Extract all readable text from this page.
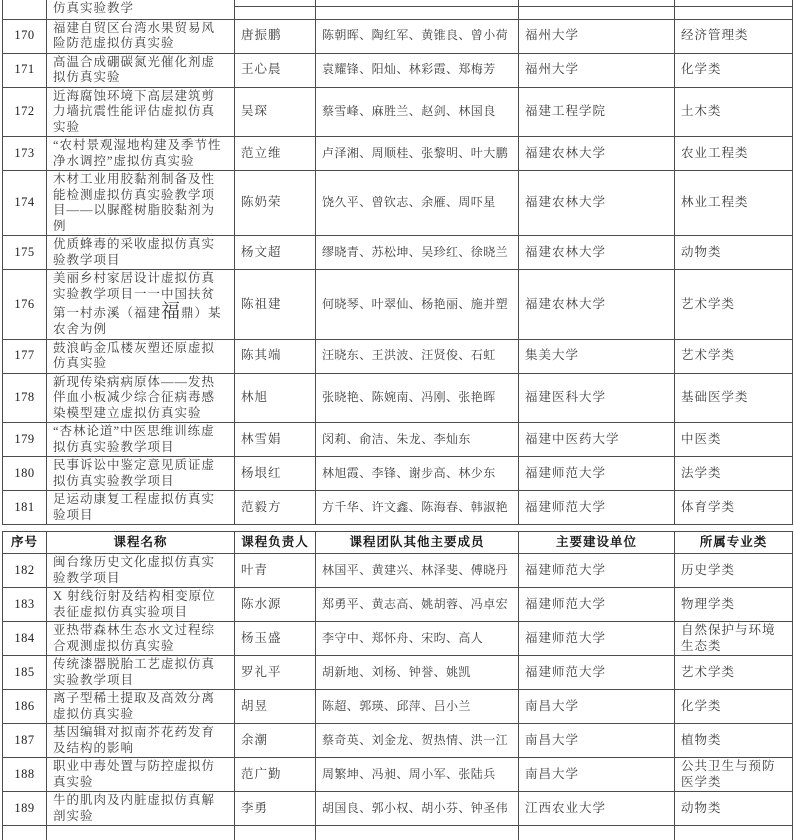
	仿真实验教学				

170	福建自贸区台湾水果贸易风险防范虚拟仿真实验	唐振鹏	陈朝晖、陶红军、黄锥良、曾小荷	福州大学	经济管理类
171	高温合成硼碳氮光催化剂虚拟仿真实验	王心晨	袁耀锋、阳灿、林彩霞、郑梅芳	福州大学	化学类
172	近海腐蚀环境下高层建筑剪力墙抗震性能评估虚拟仿真实验	吴琛	蔡雪峰、麻胜兰、赵剑、林国良	福建工程学院	土木类
173	“农村景观湿地构建及季节性净水调控”虚拟仿真实验	范立维	卢泽湘、周顺桂、张黎明、叶大鹏	福建农林大学	农业工程类
174	木材工业用胶黏剂制备及性能检测虚拟仿真实验教学项目——以脲醛树脂胶黏剂为例	陈奶荣	饶久平、曾钦志、余雁、周吓星	福建农林大学	林业工程类
175	优质蜂毒的采收虚拟仿真实验教学项目	杨文超	缪晓青、苏松坤、吴珍红、徐晓兰	福建农林大学	动物类
176	美丽乡村家居设计虚拟仿真实验教学项目一一中国扶贫第一村赤溪（福建福鼎）某农舍为例	陈祖建	何晓琴、叶翠仙、杨艳丽、施并塑	福建农林大学	艺术学类
177	鼓浪屿金瓜楼灰塑还原虚拟仿真实验	陈其端	汪晓东、王洪波、汪贤俊、石虹	集美大学	艺术学类
178	新现传染病病原体——发热伴血小板减少综合征病毒感染模型建立虚拟仿真实验	林旭	张晓艳、陈婉南、冯刚、张艳晖	福建医科大学	基础医学类
179	“杏林论道”中医思维训练虚拟仿真实验教学项目	林雪娟	闵莉、俞洁、朱龙、李灿东	福建中医药大学	中医类
180	民事诉讼中鉴定意见质证虚拟仿真实验教学项目	杨垠红	林旭霞、李锋、谢步高、林少东	福建师范大学	法学类
181	足运动康复工程虚拟仿真实验项目	范毅方	方千华、许文鑫、陈海春、韩淑艳	福建师范大学	体育学类
序号	课程名称	课程负责人	课程团队其他主要成员	主要建设单位	所属专业类
182	闽台缘历史文化虚拟仿真实验教学项目	叶青	林国平、黄建兴、林泽斐、傅晓丹	福建师范大学	历史学类
183	X 射线衍射及结构相变原位表征虚拟仿真实验项目	陈水源	郑勇平、黄志高、姚胡蓉、冯卓宏	福建师范大学	物理学类
184	亚热带森林生态水文过程综合观测虚拟仿真实验	杨玉盛	李守中、郑怀舟、宋昀、高人	福建师范大学	自然保护与环境生态类
185	传统漆器脱胎工艺虚拟仿真实验教学项目	罗礼平	胡新地、刘杨、钟誉、姚凯	福建师范大学	艺术学类
186	离子型稀土提取及高效分离虚拟仿真实验	胡昱	陈超、郭瑛、邱萍、吕小兰	南昌大学	化学类
187	基因编辑对拟南芥花药发育及结构的影响	余潮	蔡奇英、刘金龙、贺热情、洪一江	南昌大学	植物类
188	职业中毒处置与防控虚拟仿真实验	范广勤	周繁坤、冯昶、周小军、张陆兵	南昌大学	公共卫生与预防医学类
189	牛的肌肉及内脏虚拟仿真解剖实验	李勇	胡国良、郭小权、胡小芬、钟圣伟	江西农业大学	动物类
